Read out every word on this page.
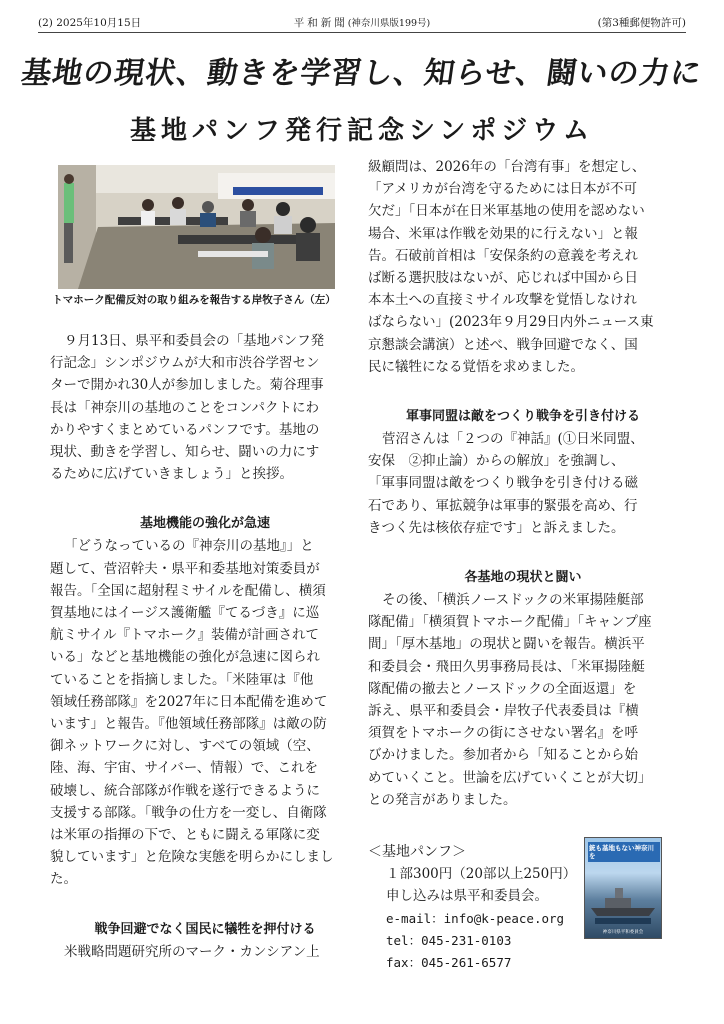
(2) 2025年10月15日	平和新聞(神奈川県版199号)	(第3種郵便物許可)
基地の現状、動きを学習し、知らせ、闘いの力に
基地パンフ発行記念シンポジウム
トマホーク配備反対の取り組みを報告する岸牧子さん（左）
９月13日、県平和委員会の「基地パンフ発
行記念」シンポジウムが大和市渋谷学習セン
ターで開かれ30人が参加しました。菊谷理事
長は「神奈川の基地のことをコンパクトにわ
かりやすくまとめているパンフです。基地の
現状、動きを学習し、知らせ、闘いの力にす
るために広げていきましょう」と挨拶。
基地機能の強化が急速
「どうなっているの『神奈川の基地』」と
題して、菅沼幹夫・県平和委基地対策委員が
報告。「全国に超射程ミサイルを配備し、横須
賀基地にはイージス護衛艦『てるづき』に巡
航ミサイル『トマホーク』装備が計画されて
いる」などと基地機能の強化が急速に図られ
ていることを指摘しました。「米陸軍は『他
領域任務部隊』を2027年に日本配備を進めて
います」と報告。『他領域任務部隊』は敵の防
御ネットワークに対し、すべての領域（空、
陸、海、宇宙、サイバー、情報）で、これを
破壊し、統合部隊が作戦を遂行できるように
支援する部隊。「戦争の仕方を一変し、自衛隊
は米軍の指揮の下で、ともに闘える軍隊に変
貌しています」と危険な実態を明らかにしまし
た。
戦争回避でなく国民に犠牲を押付ける
米戦略問題研究所のマーク・カンシアン上
級顧問は、2026年の「台湾有事」を想定し、
「アメリカが台湾を守るためには日本が不可
欠だ」「日本が在日米軍基地の使用を認めない
場合、米軍は作戦を効果的に行えない」と報
告。石破前首相は「安保条約の意義を考えれ
ば断る選択肢はないが、応じれば中国から日
本本土への直接ミサイル攻撃を覚悟しなけれ
ばならない」(2023年９月29日内外ニュース東
京懇談会講演）と述べ、戦争回避でなく、国
民に犠牲になる覚悟を求めました。
軍事同盟は敵をつくり戦争を引き付ける
菅沼さんは「２つの『神話』(①日米同盟、
安保　②抑止論）からの解放」を強調し、
「軍事同盟は敵をつくり戦争を引き付ける磁
石であり、軍拡競争は軍事的緊張を高め、行
きつく先は核依存症です」と訴えました。
各基地の現状と闘い
その後、「横浜ノースドックの米軍揚陸艇部
隊配備」「横須賀トマホーク配備」「キャンプ座
間」「厚木基地」の現状と闘いを報告。横浜平
和委員会・飛田久男事務局長は、「米軍揚陸艇
隊配備の撤去とノースドックの全面返還」を
訴え、県平和委員会・岸牧子代表委員は『横
須賀をトマホークの街にさせない署名』を呼
びかけました。参加者から「知ることから始
めていくこと。世論を広げていくことが大切」
との発言がありました。
＜基地パンフ＞
１部300円（20部以上250円）
申し込みは県平和委員会。
e-mail：info@k-peace.org
tel：045-231-0103
fax：045-261-6577
銃も基地もない神奈川を
神奈川県平和委員会
